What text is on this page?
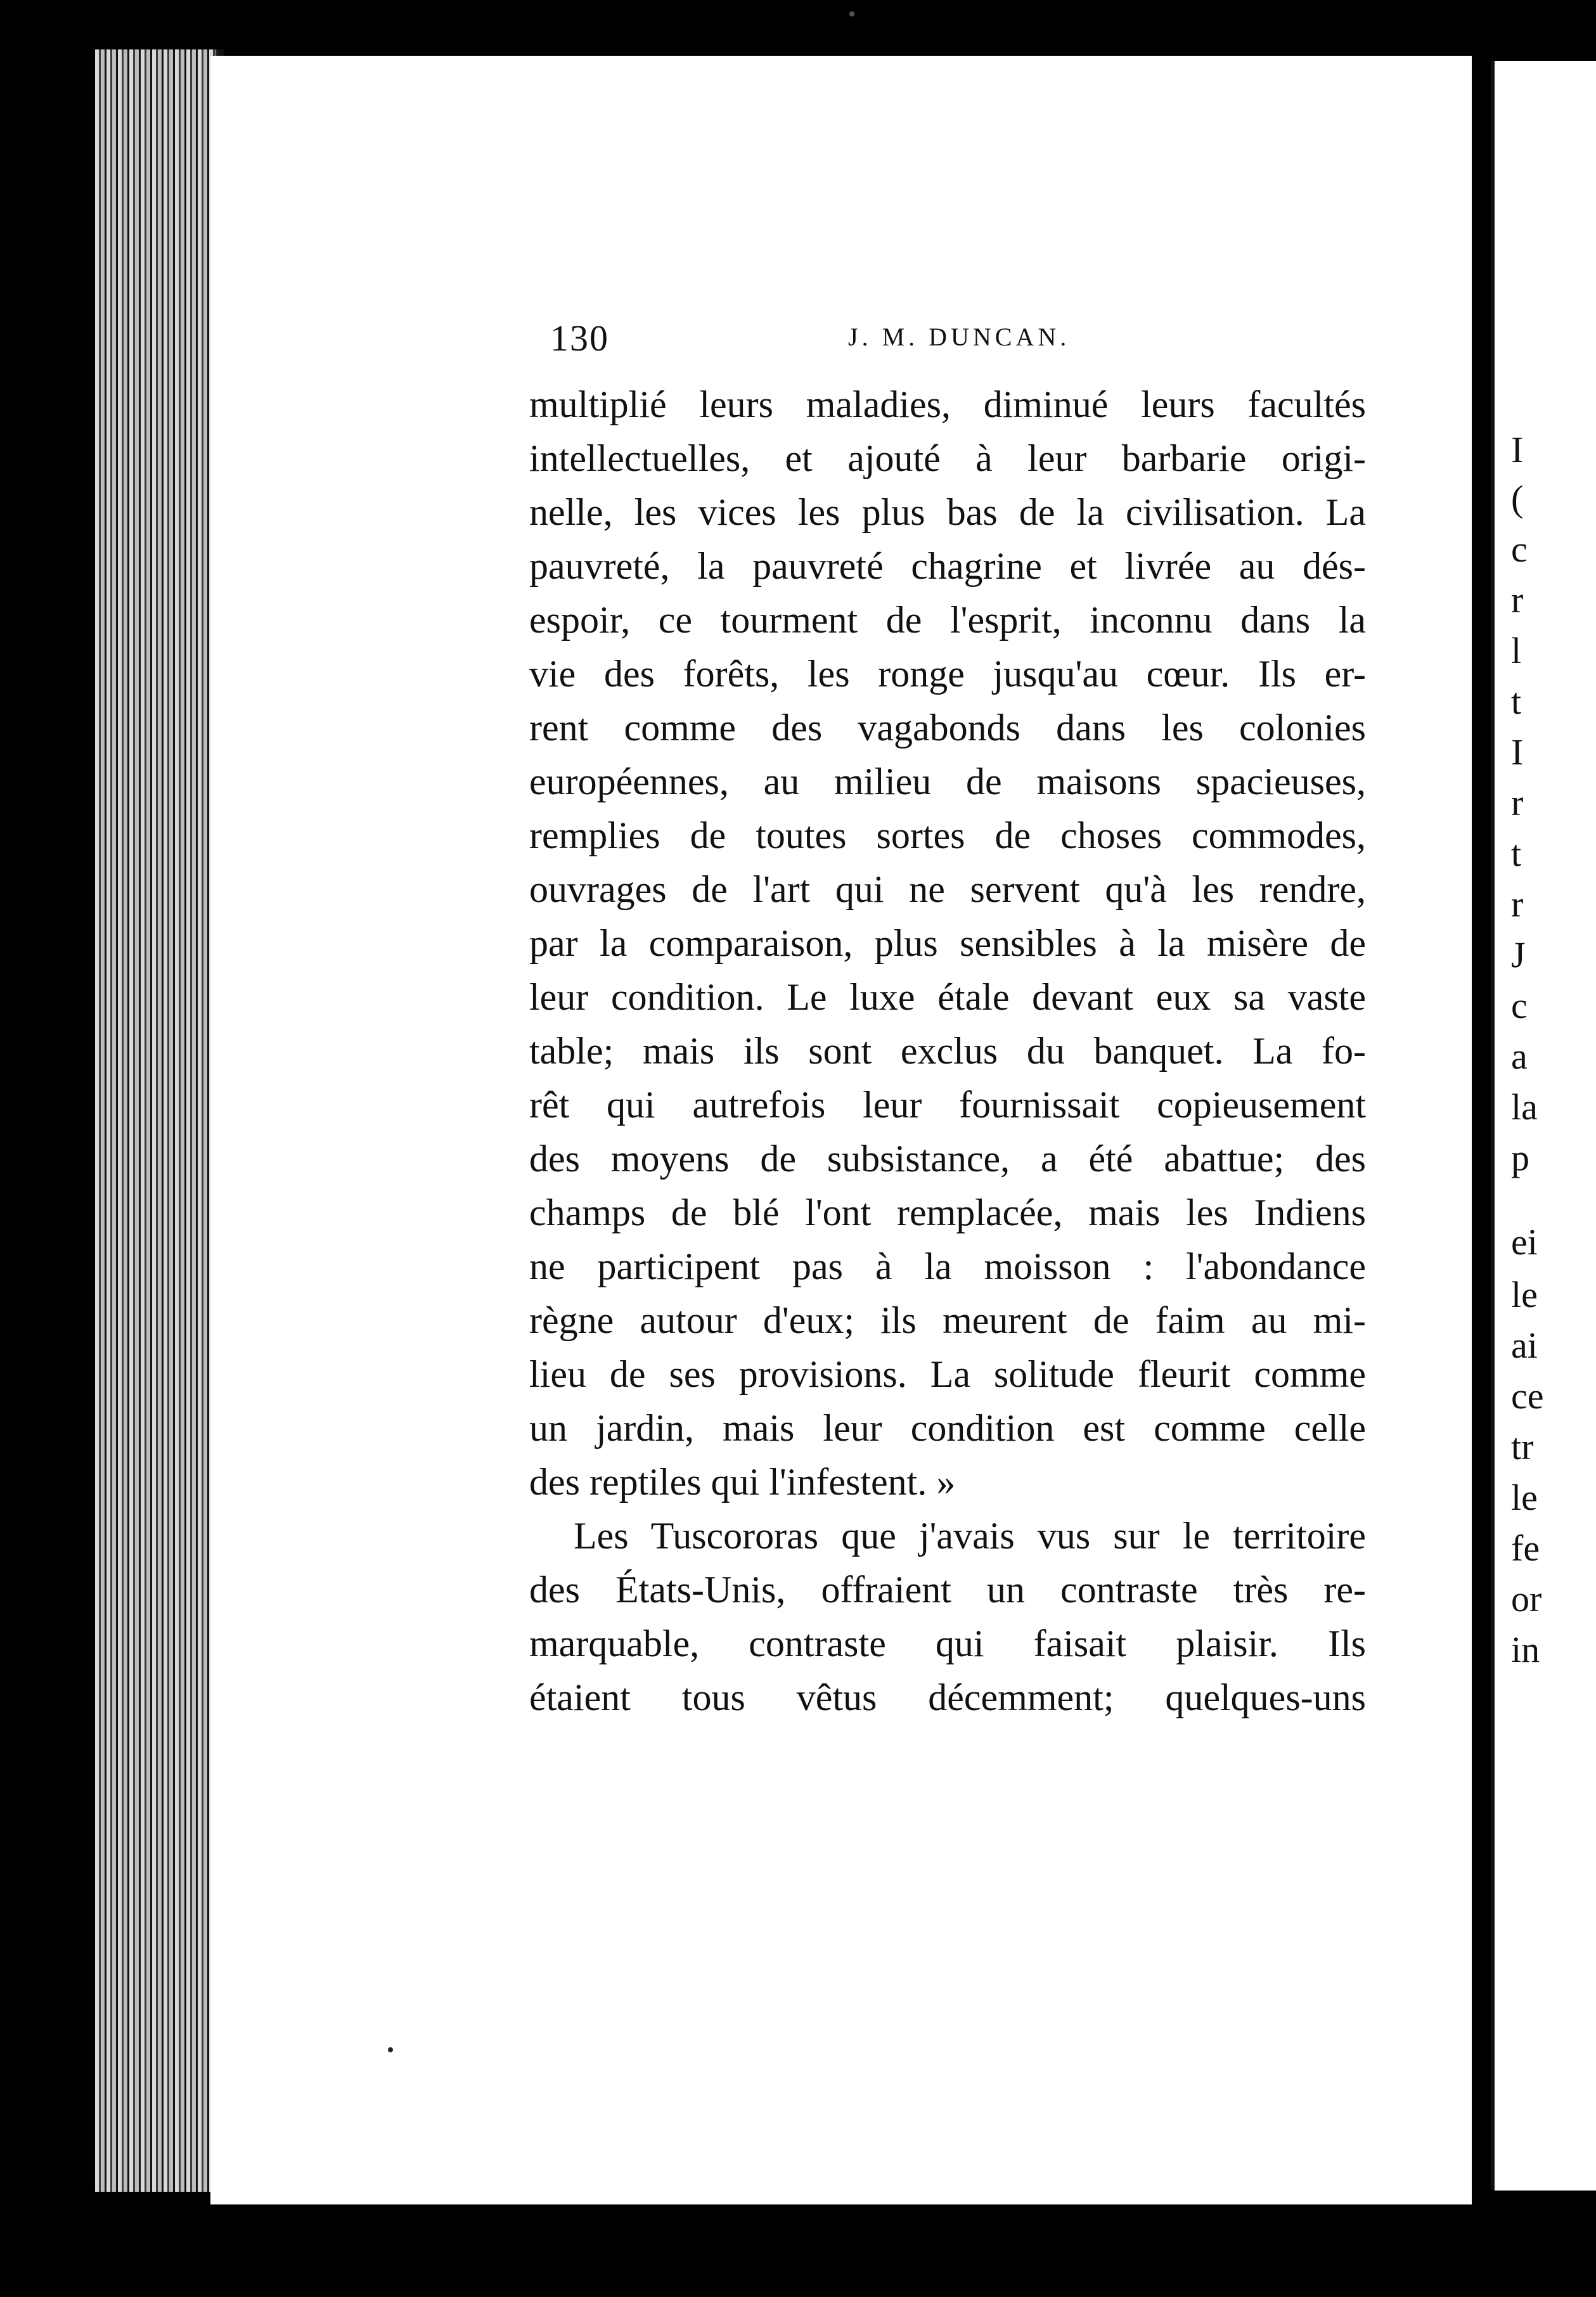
I
(
c
r
l
t
I
r
t
r
J
c
a
la
p
ei
le
ai
ce
tr
le
fe
or
in
130	J. M. DUNCAN.
multiplié leurs maladies, diminué leurs facultés
intellectuelles, et ajouté à leur barbarie origi-
nelle, les vices les plus bas de la civilisation. La
pauvreté, la pauvreté chagrine et livrée au dés-
espoir, ce tourment de l'esprit, inconnu dans la
vie des forêts, les ronge jusqu'au cœur. Ils er-
rent comme des vagabonds dans les colonies
européennes, au milieu de maisons spacieuses,
remplies de toutes sortes de choses commodes,
ouvrages de l'art qui ne servent qu'à les rendre,
par la comparaison, plus sensibles à la misère de
leur condition. Le luxe étale devant eux sa vaste
table; mais ils sont exclus du banquet. La fo-
rêt qui autrefois leur fournissait copieusement
des moyens de subsistance, a été abattue; des
champs de blé l'ont remplacée, mais les Indiens
ne participent pas à la moisson : l'abondance
règne autour d'eux; ils meurent de faim au mi-
lieu de ses provisions. La solitude fleurit comme
un jardin, mais leur condition est comme celle
des reptiles qui l'infestent. »
Les Tuscororas que j'avais vus sur le territoire
des États-Unis, offraient un contraste très re-
marquable, contraste qui faisait plaisir. Ils
étaient tous vêtus décemment; quelques-uns
